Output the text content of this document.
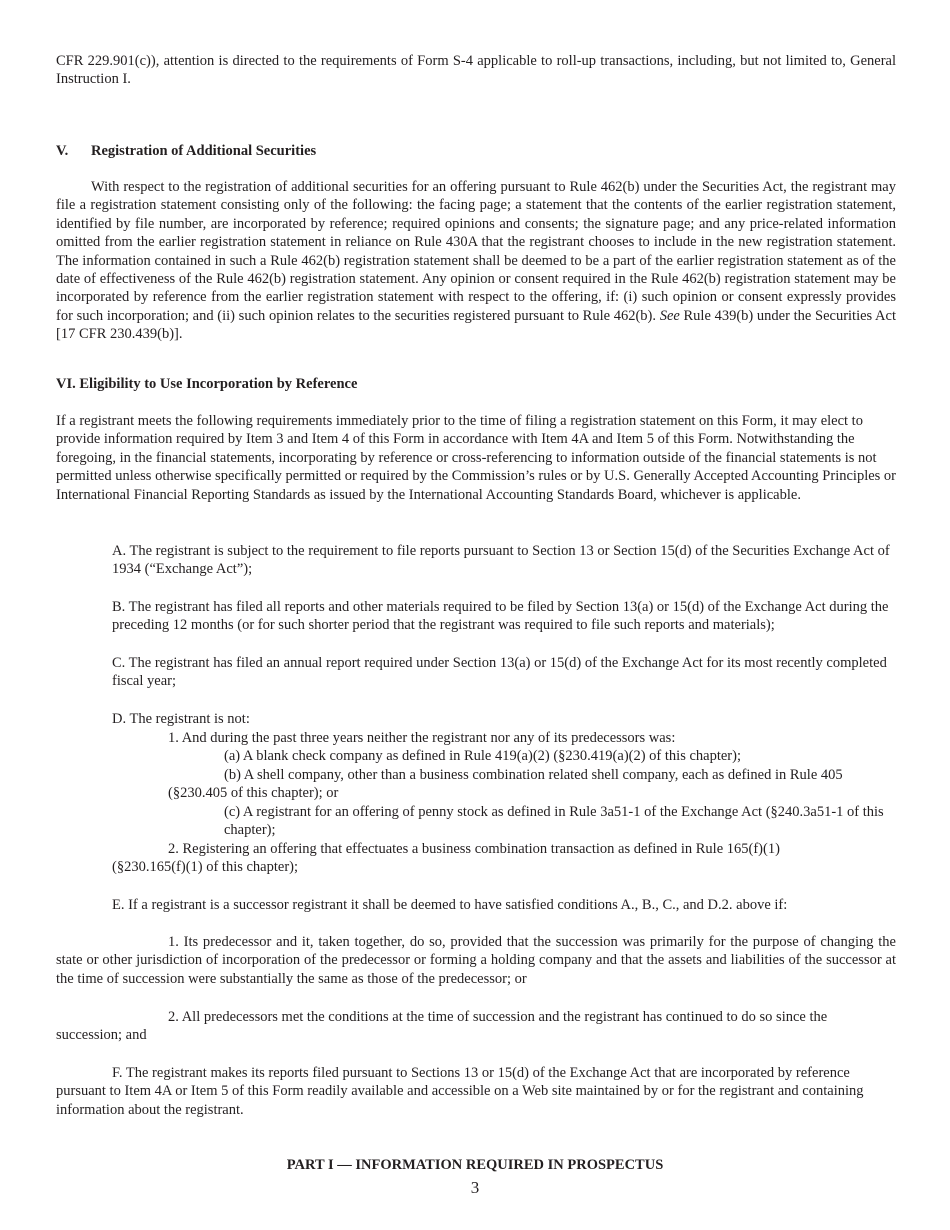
CFR 229.901(c)), attention is directed to the requirements of Form S-4 applicable to roll-up transactions, including, but not limited to, General Instruction I.

V. Registration of Additional Securities

With respect to the registration of additional securities for an offering pursuant to Rule 462(b) under the Securities Act, the registrant may file a registration statement consisting only of the following: the facing page; a statement that the contents of the earlier registration statement, identified by file number, are incorporated by reference; required opinions and consents; the signature page; and any price-related information omitted from the earlier registration statement in reliance on Rule 430A that the registrant chooses to include in the new registration statement. The information contained in such a Rule 462(b) registration statement shall be deemed to be a part of the earlier registration statement as of the date of effectiveness of the Rule 462(b) registration statement. Any opinion or consent required in the Rule 462(b) registration statement may be incorporated by reference from the earlier registration statement with respect to the offering, if: (i) such opinion or consent expressly provides for such incorporation; and (ii) such opinion relates to the securities registered pursuant to Rule 462(b). See Rule 439(b) under the Securities Act [17 CFR 230.439(b)].

VI. Eligibility to Use Incorporation by Reference

If a registrant meets the following requirements immediately prior to the time of filing a registration statement on this Form, it may elect to provide information required by Item 3 and Item 4 of this Form in accordance with Item 4A and Item 5 of this Form. Notwithstanding the foregoing, in the financial statements, incorporating by reference or cross-referencing to information outside of the financial statements is not permitted unless otherwise specifically permitted or required by the Commission’s rules or by U.S. Generally Accepted Accounting Principles or International Financial Reporting Standards as issued by the International Accounting Standards Board, whichever is applicable.

A. The registrant is subject to the requirement to file reports pursuant to Section 13 or Section 15(d) of the Securities Exchange Act of 1934 (“Exchange Act”);

B. The registrant has filed all reports and other materials required to be filed by Section 13(a) or 15(d) of the Exchange Act during the preceding 12 months (or for such shorter period that the registrant was required to file such reports and materials);

C. The registrant has filed an annual report required under Section 13(a) or 15(d) of the Exchange Act for its most recently completed fiscal year;

D. The registrant is not:

1. And during the past three years neither the registrant nor any of its predecessors was:

(a) A blank check company as defined in Rule 419(a)(2) (§230.419(a)(2) of this chapter);

(b) A shell company, other than a business combination related shell company, each as defined in Rule 405

(§230.405 of this chapter); or

(c) A registrant for an offering of penny stock as defined in Rule 3a51-1 of the Exchange Act (§240.3a51-1 of this chapter);

2. Registering an offering that effectuates a business combination transaction as defined in Rule 165(f)(1)

(§230.165(f)(1) of this chapter);

E. If a registrant is a successor registrant it shall be deemed to have satisfied conditions A., B., C., and D.2. above if:

1. Its predecessor and it, taken together, do so, provided that the succession was primarily for the purpose of changing the state or other jurisdiction of incorporation of the predecessor or forming a holding company and that the assets and liabilities of the successor at the time of succession were substantially the same as those of the predecessor; or

2. All predecessors met the conditions at the time of succession and the registrant has continued to do so since the succession; and

F. The registrant makes its reports filed pursuant to Sections 13 or 15(d) of the Exchange Act that are incorporated by reference pursuant to Item 4A or Item 5 of this Form readily available and accessible on a Web site maintained by or for the registrant and containing information about the registrant.

PART I — INFORMATION REQUIRED IN PROSPECTUS

3
